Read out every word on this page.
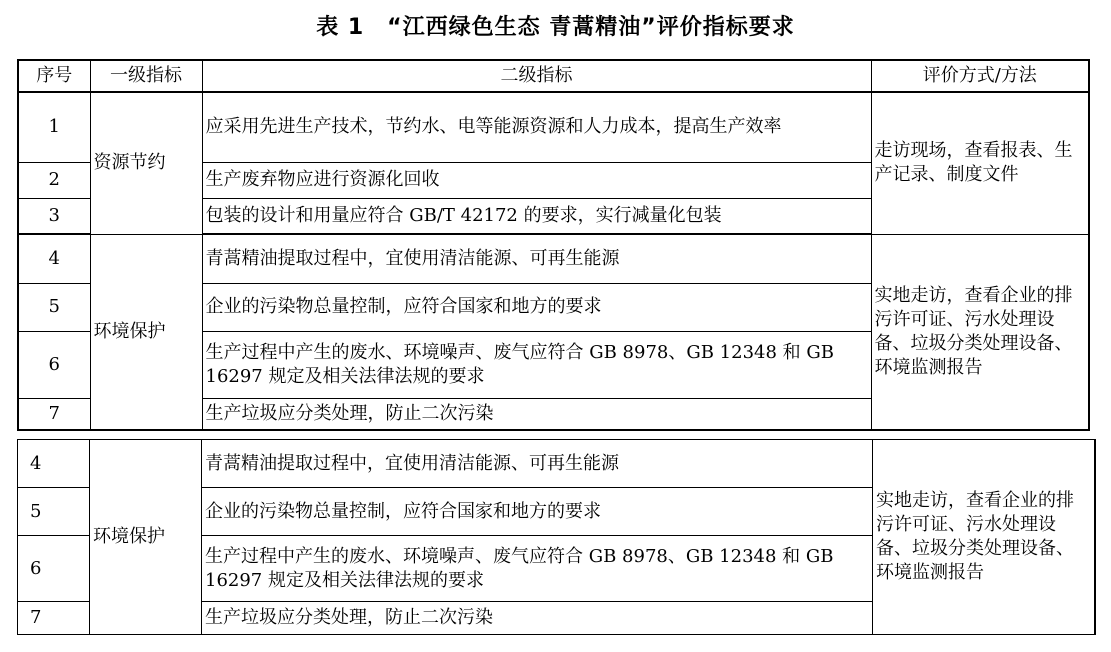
表 1　“江西绿色生态 青蒿精油”评价指标要求
序号	一级指标	二级指标	评价方式/方法
1	资源节约	应采用先进生产技术，节约水、电等能源资源和人力成本，提高生产效率	走访现场，查看报表、生产记录、制度文件
2		生产废弃物应进行资源化回收	
3		包装的设计和用量应符合 GB/T 42172 的要求，实行减量化包装	
4	环境保护	青蒿精油提取过程中，宜使用清洁能源、可再生能源	实地走访，查看企业的排污许可证、污水处理设备、垃圾分类处理设备、环境监测报告
5		企业的污染物总量控制，应符合国家和地方的要求	
6		生产过程中产生的废水、环境噪声、废气应符合 GB 8978、GB 12348 和 GB 16297 规定及相关法律法规的要求	
7		生产垃圾应分类处理，防止二次污染	
4	环境保护	青蒿精油提取过程中，宜使用清洁能源、可再生能源	实地走访，查看企业的排污许可证、污水处理设备、垃圾分类处理设备、环境监测报告
5		企业的污染物总量控制，应符合国家和地方的要求	
6		生产过程中产生的废水、环境噪声、废气应符合 GB 8978、GB 12348 和 GB 16297 规定及相关法律法规的要求	
7		生产垃圾应分类处理，防止二次污染	
